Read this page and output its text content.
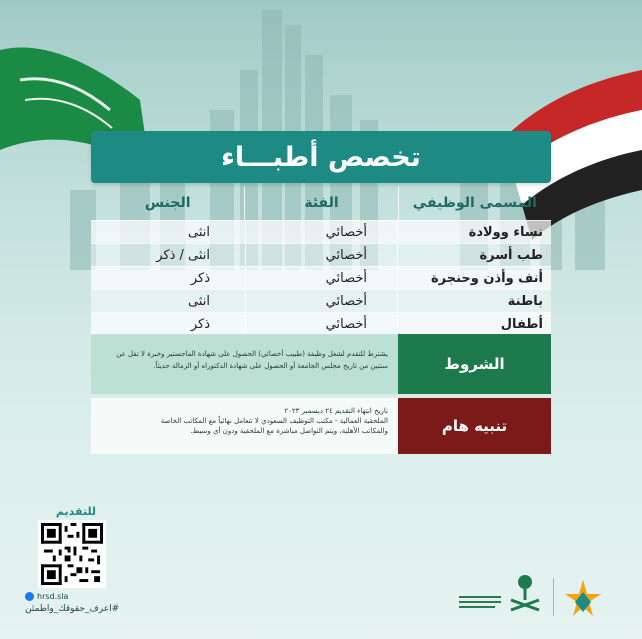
تخصص أطبـــاء
المسمى الوظيفي
الفئة
الجنس
نساء وولادة
أخصائي
انثى
طب أسرة
أخصائي
انثى / ذكر
أنف وأذن وحنجرة
أخصائي
ذكر
باطنة
أخصائي
انثى
أطفال
أخصائي
ذكر
الشروط
يشترط للتقدم لشغل وظيفة (طبيب أخصائي) الحصول على شهادة الماجستير وخبرة لا تقل عن سنتين من تاريخ مجلس الجامعة أو الحصول على شهادة الدكتوراه أو الزمالة حديثاً.
تنبيه هام
تاريخ انتهاء التقديم ٢٤ ديسمبر ٢٠٢٣
الملحقية العمالية - مكتب التوظيف السعودي لا تتعامل نهائياً مع المكاتب الخاصة
والمكاتب الأهلية، ويتم التواصل مباشرة مع الملحقية ودون أي وسيط.
للتقديم
hrsd.sla
#اعرف_حقوقك_واطمئن
